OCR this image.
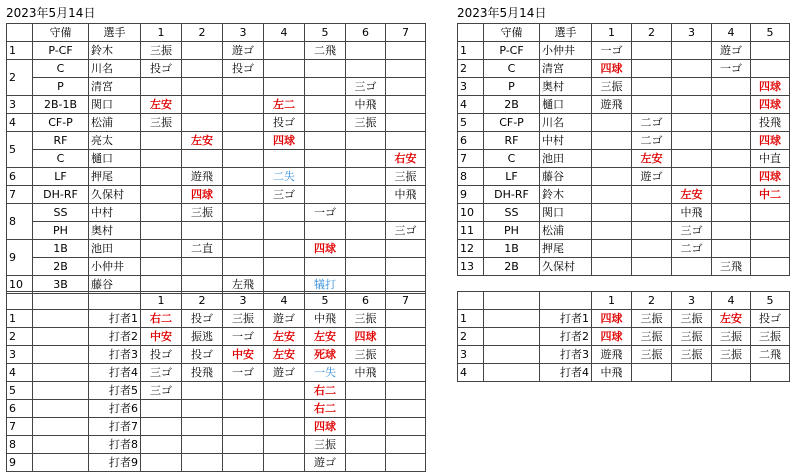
2023年5月14日	2023年5月14日
	守備	選手	1	2	3	4	5	6	7
1	P-CF	鈴木	三振		遊ゴ		二飛		
2	C	川名	投ゴ		投ゴ				
	P	清宮						三ゴ	
3	2B-1B	関口	左安			左二		中飛	
4	CF-P	松浦	三振			投ゴ		三振	
5	RF	亮太		左安		四球			
	C	樋口							右安
6	LF	押尾		遊飛		二失			三振
7	DH-RF	久保村		四球		三ゴ			中飛
8	SS	中村		三振			一ゴ		
	PH	奥村							三ゴ
9	1B	池田		二直			四球		
	2B	小仲井							
10	3B	藤谷			左飛		犠打		
	守備	選手	1	2	3	4	5
1	P-CF	小仲井	一ゴ			遊ゴ	
2	C	清宮	四球			一ゴ	
3	P	奥村	三振				四球
4	2B	樋口	遊飛				四球
5	CF-P	川名		二ゴ			投飛
6	RF	中村		二ゴ			四球
7	C	池田		左安			中直
8	LF	藤谷		遊ゴ			四球
9	DH-RF	鈴木			左安		中二
10	SS	関口			中飛		
11	PH	松浦			三ゴ		
12	1B	押尾			二ゴ		
13	2B	久保村				三飛	
			1	2	3	4	5	6	7
1		打者1	右二	投ゴ	三振	遊ゴ	中飛	三振	
2		打者2	中安	振逃	一ゴ	左安	左安	四球	
3		打者3	投ゴ	投ゴ	中安	左安	死球	三振	
4		打者4	三ゴ	投飛	一ゴ	遊ゴ	一失	中飛	
5		打者5	三ゴ				右二		
6		打者6					右二		
7		打者7					四球		
8		打者8					三振		
9		打者9					遊ゴ		
			1	2	3	4	5
1		打者1	四球	三振	三振	左安	投ゴ
2		打者2	四球	三振	三振	三振	三振
3		打者3	遊飛	三振	三振	三振	二飛
4		打者4	中飛				
